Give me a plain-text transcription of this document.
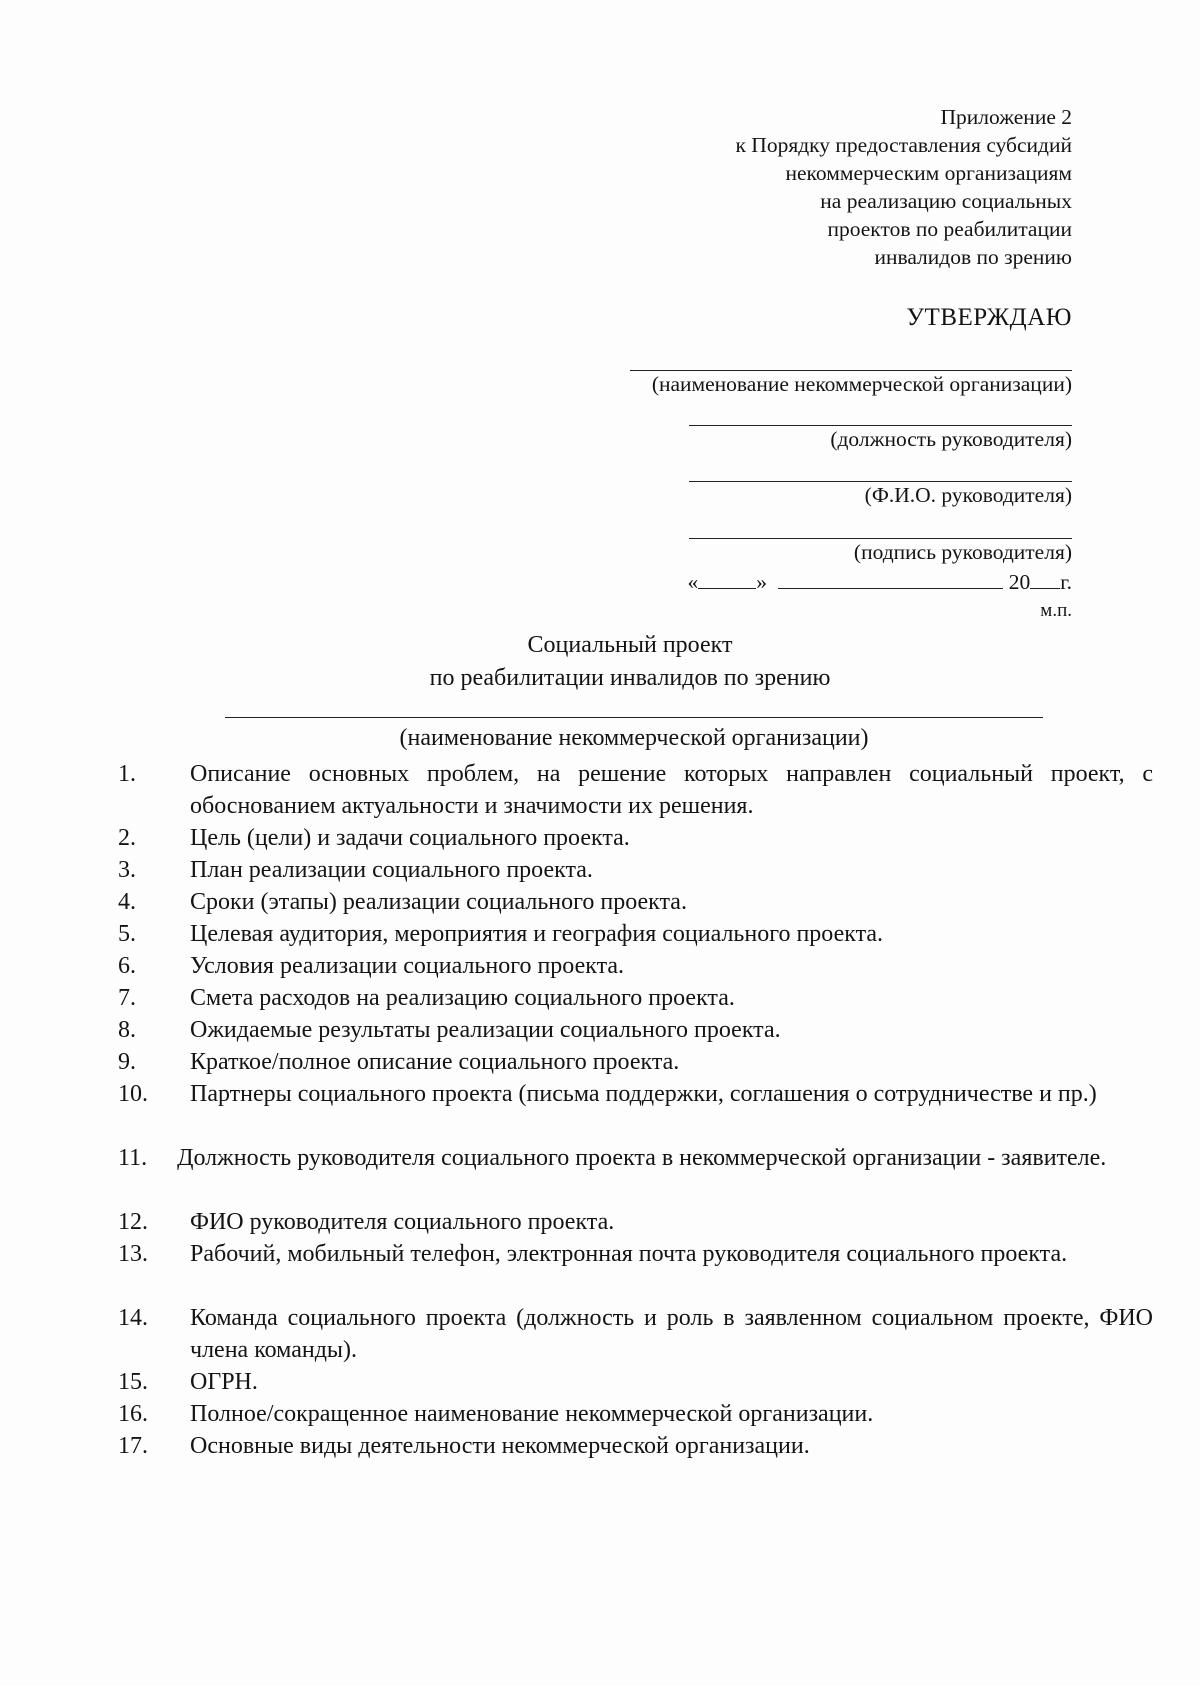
Приложение 2
к Порядку предоставления субсидий
некоммерческим организациям
на реализацию социальных
проектов по реабилитации
инвалидов по зрению
УТВЕРЖДАЮ
(наименование некоммерческой организации)
(должность руководителя)
(Ф.И.О. руководителя)
(подпись руководителя)
«	»	20 г.
м.п.
Социальный проект
по реабилитации инвалидов по зрению
(наименование некоммерческой организации)
1. Описание основных проблем, на решение которых направлен социальный проект, с обоснованием актуальности и значимости их решения.
2. Цель (цели) и задачи социального проекта.
3. План реализации социального проекта.
4. Сроки (этапы) реализации социального проекта.
5. Целевая аудитория, мероприятия и география социального проекта.
6. Условия реализации социального проекта.
7. Смета расходов на реализацию социального проекта.
8. Ожидаемые результаты реализации социального проекта.
9. Краткое/полное описание социального проекта.
10. Партнеры социального проекта (письма поддержки, соглашения о сотрудничестве и пр.)
11. Должность руководителя социального проекта в некоммерческой организации - заявителе.
12. ФИО руководителя социального проекта.
13. Рабочий, мобильный телефон, электронная почта руководителя социального проекта.
14. Команда социального проекта (должность и роль в заявленном социальном проекте, ФИО члена команды).
15. ОГРН.
16. Полное/сокращенное наименование некоммерческой организации.
17. Основные виды деятельности некоммерческой организации.
